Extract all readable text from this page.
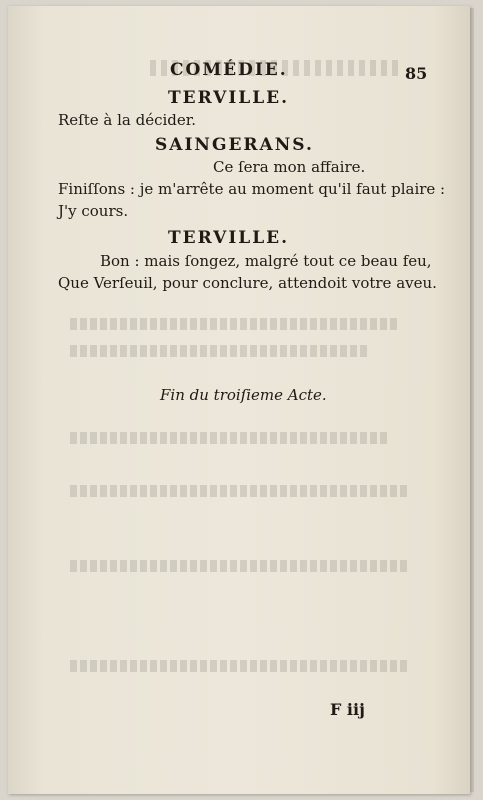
COMÉDIE.	85
TERVILLE.
Reſte à la décider.
SAINGERANS.
Ce ſera mon affaire.
Finiſſons : je m'arrête au moment qu'il faut plaire :
J'y cours.
TERVILLE.
Bon : mais ſongez, malgré tout ce beau feu,
Que Verſeuil, pour conclure, attendoit votre aveu.
Fin du troiſieme Acte.
F iij
